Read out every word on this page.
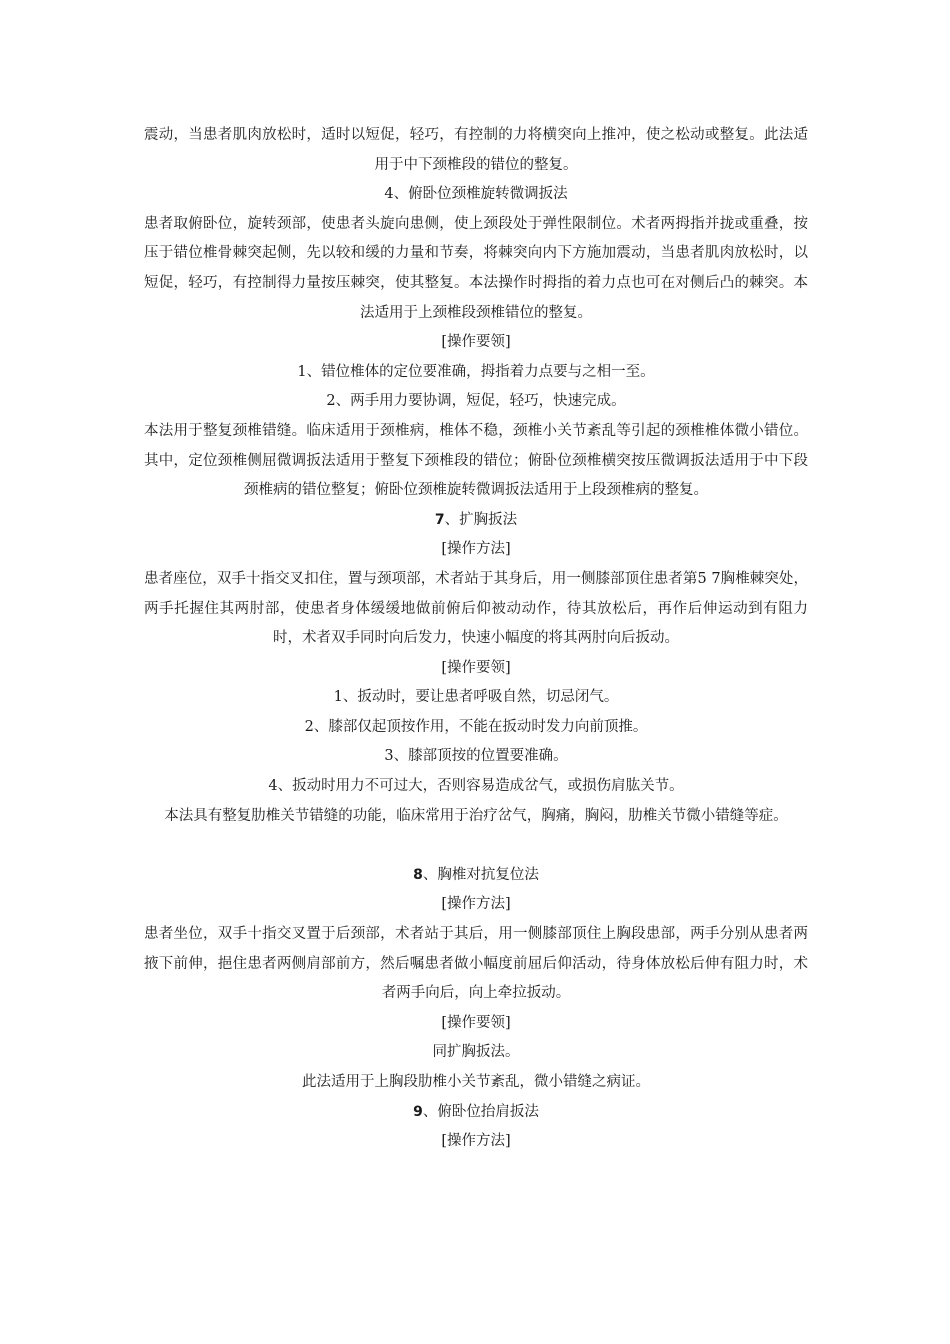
震动，当患者肌肉放松时，适时以短促，轻巧，有控制的力将横突向上推冲，使之松动或整复。此法适用于中下颈椎段的错位的整复。

4、俯卧位颈椎旋转微调扳法

患者取俯卧位，旋转颈部，使患者头旋向患侧，使上颈段处于弹性限制位。术者两拇指并拢或重叠，按压于错位椎骨棘突起侧，先以较和缓的力量和节奏，将棘突向内下方施加震动，当患者肌肉放松时，以短促，轻巧，有控制得力量按压棘突，使其整复。本法操作时拇指的着力点也可在对侧后凸的棘突。本法适用于上颈椎段颈椎错位的整复。

[操作要领]

1、错位椎体的定位要准确，拇指着力点要与之相一至。

2、两手用力要协调，短促，轻巧，快速完成。

本法用于整复颈椎错缝。临床适用于颈椎病，椎体不稳，颈椎小关节紊乱等引起的颈椎椎体微小错位。其中，定位颈椎侧屈微调扳法适用于整复下颈椎段的错位；俯卧位颈椎横突按压微调扳法适用于中下段颈椎病的错位整复；俯卧位颈椎旋转微调扳法适用于上段颈椎病的整复。

7、扩胸扳法

[操作方法]

患者座位，双手十指交叉扣住，置与颈项部，术者站于其身后，用一侧膝部顶住患者第5 7胸椎棘突处，两手托握住其两肘部，使患者身体缓缓地做前俯后仰被动动作，待其放松后，再作后伸运动到有阻力时，术者双手同时向后发力，快速小幅度的将其两肘向后扳动。

[操作要领]

1、扳动时，要让患者呼吸自然，切忌闭气。

2、膝部仅起顶按作用，不能在扳动时发力向前顶推。

3、膝部顶按的位置要准确。

4、扳动时用力不可过大，否则容易造成岔气，或损伤肩肱关节。

本法具有整复肋椎关节错缝的功能，临床常用于治疗岔气，胸痛，胸闷，肋椎关节微小错缝等症。

8、胸椎对抗复位法

[操作方法]

患者坐位，双手十指交叉置于后颈部，术者站于其后，用一侧膝部顶住上胸段患部，两手分别从患者两掖下前伸，挹住患者两侧肩部前方，然后嘱患者做小幅度前屈后仰活动，待身体放松后伸有阻力时，术者两手向后，向上牵拉扳动。

[操作要领]

同扩胸扳法。

此法适用于上胸段肋椎小关节紊乱，微小错缝之病证。

9、俯卧位抬肩扳法

[操作方法]
